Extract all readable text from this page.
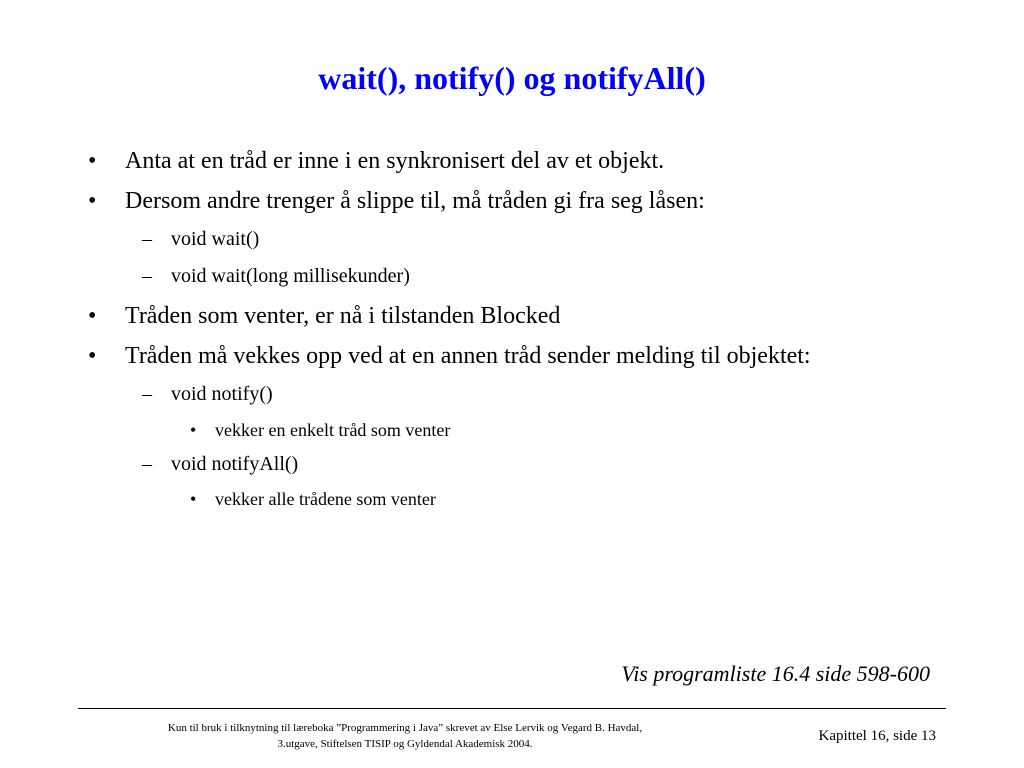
wait(), notify() og notifyAll()
• Anta at en tråd er inne i en synkronisert del av et objekt.
• Dersom andre trenger å slippe til, må tråden gi fra seg låsen:
– void wait()
– void wait(long millisekunder)
• Tråden som venter, er nå i tilstanden Blocked
• Tråden må vekkes opp ved at en annen tråd sender melding til objektet:
– void notify()
• vekker en enkelt tråd som venter
– void notifyAll()
• vekker alle trådene som venter
Vis programliste 16.4 side 598-600
Kun til bruk i tilknytning til læreboka ”Programmering i Java” skrevet av Else Lervik og Vegard B. Havdal,
3.utgave, Stiftelsen TISIP og Gyldendal Akademisk 2004.	Kapittel 16, side 13
